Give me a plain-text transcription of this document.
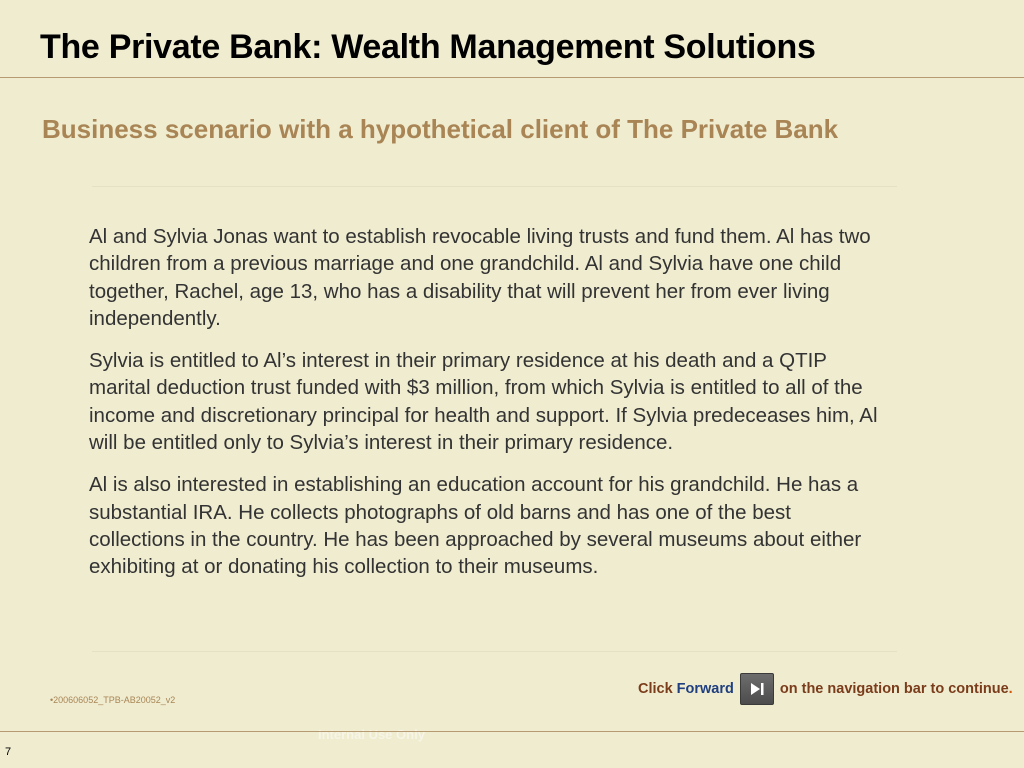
The Private Bank: Wealth Management Solutions
Business scenario with a hypothetical client of The Private Bank

Al and Sylvia Jonas want to establish revocable living trusts and fund them. Al has two children from a previous marriage and one grandchild. Al and Sylvia have one child together, Rachel, age 13, who has a disability that will prevent her from ever living independently.

Sylvia is entitled to Al’s interest in their primary residence at his death and a QTIP marital deduction trust funded with $3 million, from which Sylvia is entitled to all of the income and discretionary principal for health and support. If Sylvia predeceases him, Al will be entitled only to Sylvia’s interest in their primary residence.

Al is also interested in establishing an education account for his grandchild. He has a substantial IRA. He collects photographs of old barns and has one of the best collections in the country. He has been approached by several museums about either exhibiting at or donating his collection to their museums.

Click Forward	on the navigation bar to continue .
•200606052_TPB-AB20052_v2
Internal Use Only
7
